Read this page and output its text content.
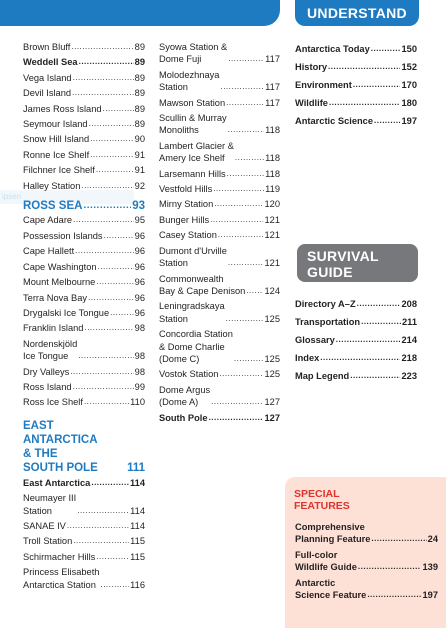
ipsen
Brown Bluff .....	89
Weddell Sea .....	89
Vega Island .....	89
Devil Island .....	89
James Ross Island .....	89
Seymour Island .....	89
Snow Hill Island .....	90
Ronne Ice Shelf .....	91
Filchner Ice Shelf .....	91
Halley Station .....	92
ROSS SEA .....	93
Cape Adare .....	95
Possession Islands .....	96
Cape Hallett .....	96
Cape Washington .....	96
Mount Melbourne .....	96
Terra Nova Bay .....	96
Drygalski Ice Tongue .....	96
Franklin Island .....	98
Nordenskjöld
Ice Tongue .....	98
Dry Valleys .....	98
Ross Island .....	99
Ross Ice Shelf .....	110
EAST ANTARCTICA
& THE
SOUTH POLE	111
East Antarctica .....	114
Neumayer III
Station .....	114
SANAE IV .....	114
Troll Station .....	115
Schirmacher Hills .....	115
Princess Elisabeth
Antarctica Station .....	116
Syowa Station &
Dome Fuji .....	117
Molodezhnaya
Station .....	117
Mawson Station .....	117
Scullin & Murray
Monoliths .....	118
Lambert Glacier &
Amery Ice Shelf .....	118
Larsemann Hills .....	118
Vestfold Hills .....	119
Mirny Station .....	120
Bunger Hills .....	121
Casey Station .....	121
Dumont d'Urville
Station .....	121
Commonwealth
Bay & Cape Denison ..... 124
Leningradskaya
Station .....	125
Concordia Station
& Dome Charlie
(Dome C) .....	125
Vostok Station .....	125
Dome Argus
(Dome A) .....	127
South Pole .....	127
UNDERSTAND
Antarctica Today .....	150
History .....	152
Environment .....	170
Wildlife .....	180
Antarctic Science .....	197
SURVIVAL
GUIDE
Directory A–Z .....	208
Transportation .....	211
Glossary .....	214
Index .....	218
Map Legend .....	223
SPECIAL
FEATURES
Comprehensive
Planning Feature .....	24
Full-color
Wildlife Guide .....	139
Antarctic
Science Feature .....	197
